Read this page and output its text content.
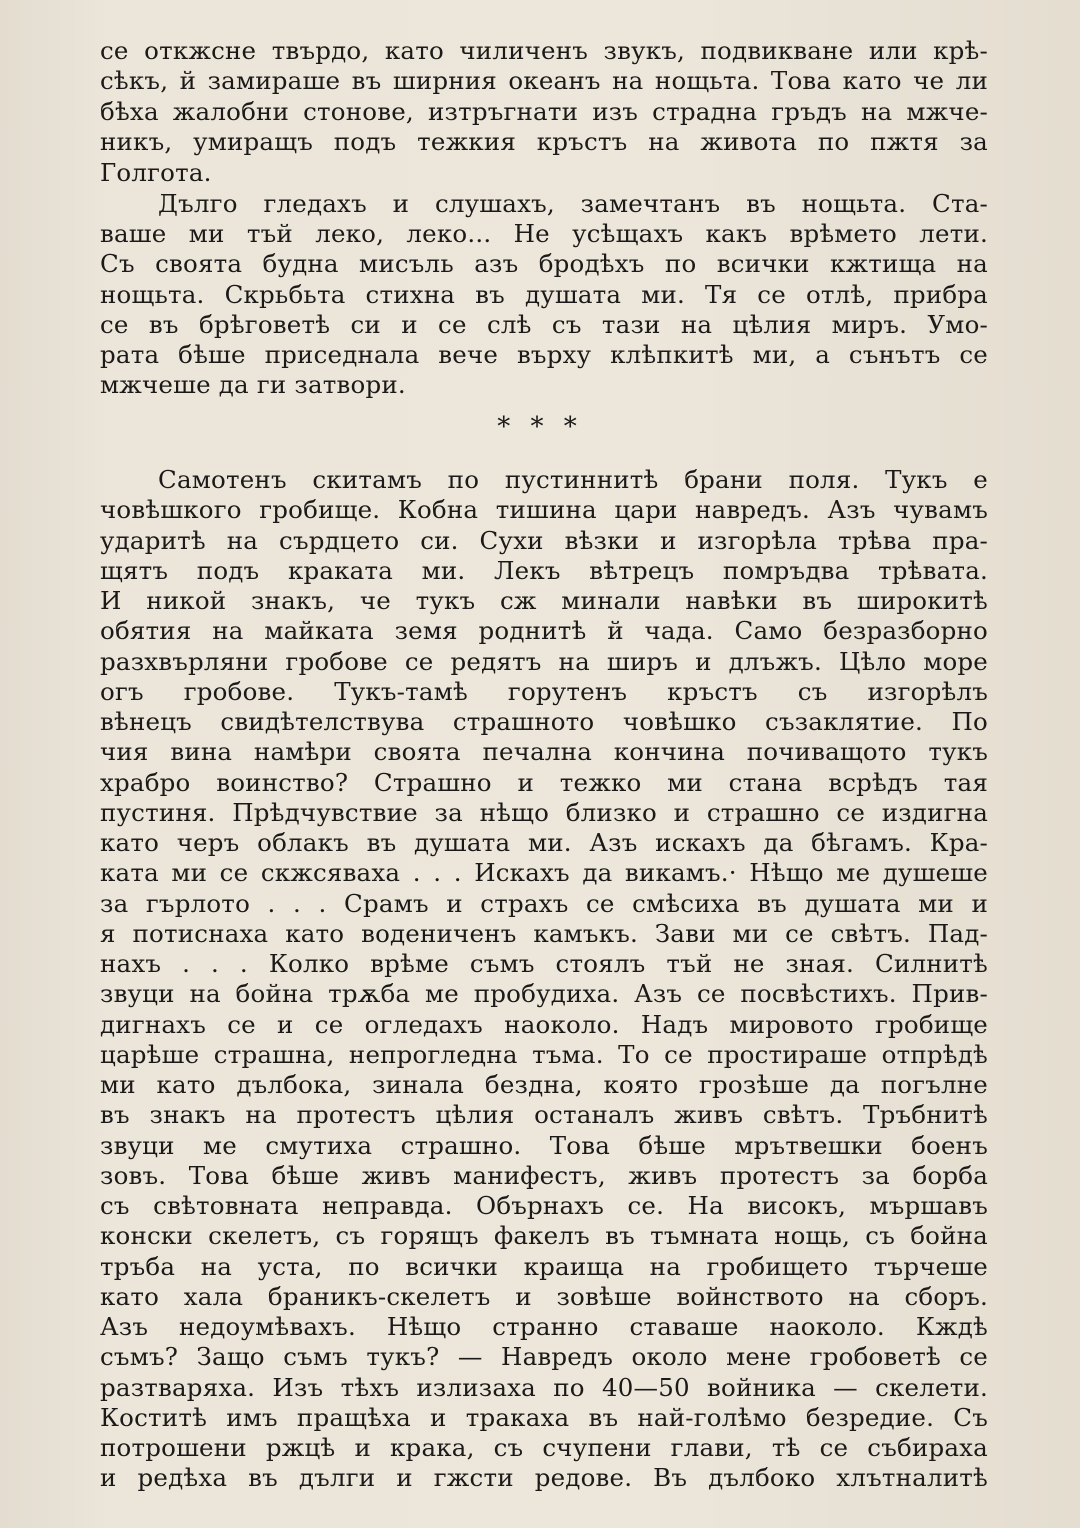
се откжсне твърдо, като чиличенъ звукъ, подвикване или крѣ-
сѣкъ, й замираше въ ширния океанъ на нощьта. Това като че ли
бѣха жалобни стонове, изтръгнати изъ страдна гръдъ на мжче-
никъ, умиращъ подъ тежкия кръстъ на живота по пжтя за
Голгота.
Дълго гледахъ и слушахъ, замечтанъ въ нощьта. Ста-
ваше ми тъй леко, леко... Не усѣщахъ какъ врѣмето лети.
Съ своята будна мисъль азъ бродѣхъ по всички кжтища на
нощьта. Скрьбьта стихна въ душата ми. Тя се отлѣ, прибра
се въ брѣговетѣ си и се слѣ съ тази на цѣлия миръ. Умо-
рата бѣше приседнала вече върху клѣпкитѣ ми, а сънътъ се
мжчеше да ги затвори.
* * *
Самотенъ скитамъ по пустиннитѣ брани поля. Тукъ е
човѣшкого гробище. Кобна тишина цари навредъ. Азъ чувамъ
ударитѣ на сърдцето си. Сухи вѣзки и изгорѣла трѣва пра-
щятъ подъ краката ми. Лекъ вѣтрецъ помръдва трѣвата.
И никой знакъ, че тукъ сж минали навѣки въ широкитѣ
обятия на майката земя роднитѣ й чада. Само безразборно
разхвърляни гробове се редятъ на ширъ и длъжъ. Цѣло море
огъ гробове. Тукъ-тамѣ горутенъ кръстъ съ изгорѣлъ
вѣнецъ свидѣтелствува страшното човѣшко съзаклятие. По
чия вина намѣри своята печална кончина почиващото тукъ
храбро воинство? Страшно и тежко ми стана всрѣдъ тая
пустиня. Прѣдчувствие за нѣщо близко и страшно се издигна
като черъ облакъ въ душата ми. Азъ искахъ да бѣгамъ. Кра-
ката ми се скжсяваха . . . Искахъ да викамъ.· Нѣщо ме душеше
за гърлото . . . Срамъ и страхъ се смѣсиха въ душата ми и
я потиснаха като водениченъ камъкъ. Зави ми се свѣтъ. Пад-
нахъ . . . Колко врѣме съмъ стоялъ тъй не зная. Силнитѣ
звуци на бойна трѫба ме пробудиха. Азъ се посвѣстихъ. Прив-
дигнахъ се и се огледахъ наоколо. Надъ мировото гробище
царѣше страшна, непрогледна тъма. То се простираше отпрѣдѣ
ми като дълбока, зинала бездна, която грозѣше да погълне
въ знакъ на протестъ цѣлия останалъ живъ свѣтъ. Тръбнитѣ
звуци ме смутиха страшно. Това бѣше мрътвешки боенъ
зовъ. Това бѣше живъ манифестъ, живъ протестъ за борба
съ свѣтовната неправда. Обърнахъ се. На високъ, мършавъ
конски скелетъ, съ горящъ факелъ въ тъмната нощь, съ бойна
тръба на уста, по всички краища на гробището търчеше
като хала браникъ-скелетъ и зовѣше войнството на сборъ.
Азъ недоумѣвахъ. Нѣщо странно ставаше наоколо. Кждѣ
съмъ? Защо съмъ тукъ? — Навредъ около мене гробоветѣ се
разтваряха. Изъ тѣхъ излизаха по 40—50 войника — скелети.
Коститѣ имъ пращѣха и тракаха въ най-голѣмо безредие. Съ
потрошени ржцѣ и крака, съ счупени глави, тѣ се събираха
и редѣха въ дълги и гжсти редове. Въ дълбоко хлътналитѣ
